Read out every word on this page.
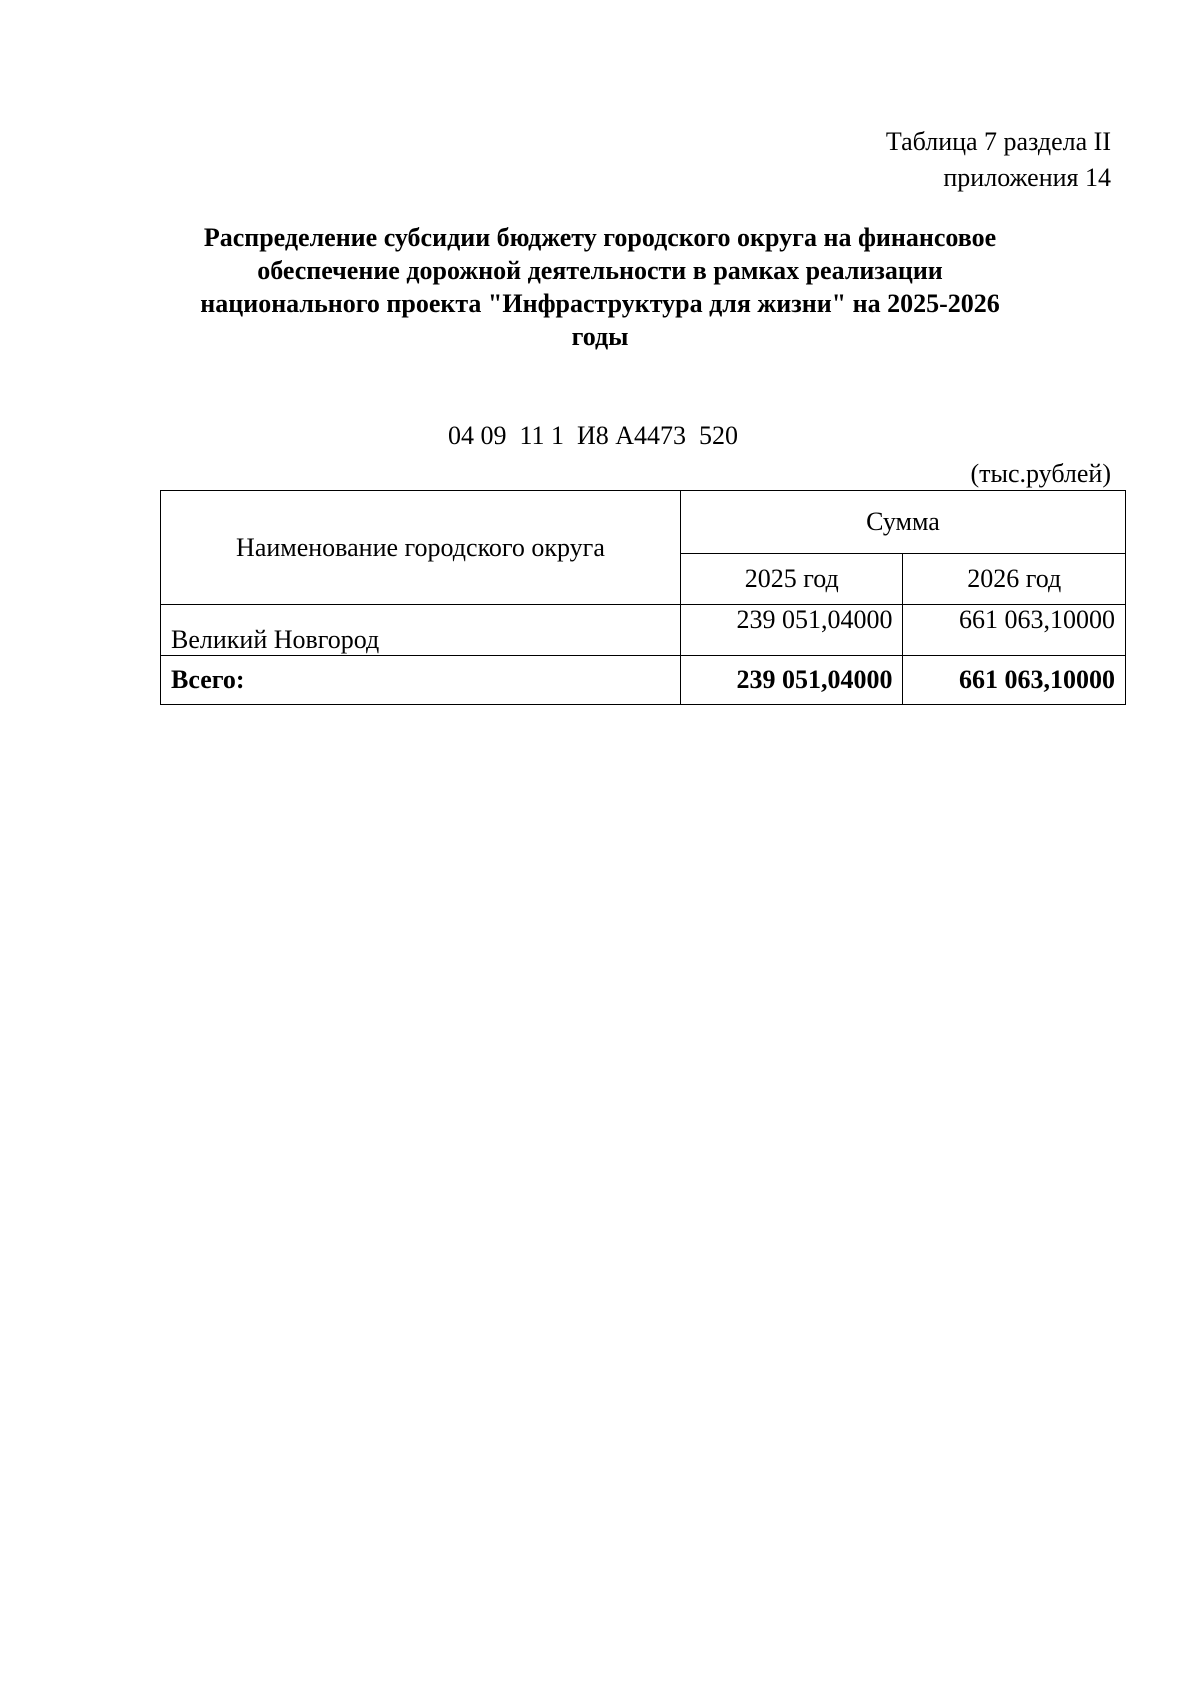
Таблица 7 раздела II
приложения 14
Распределение субсидии бюджету городского округа на финансовое
обеспечение дорожной деятельности в рамках реализации
национального проекта "Инфраструктура для жизни" на 2025-2026
годы
04 09  11 1  И8 А4473  520
(тыс.рублей)
Наименование городского округа	Сумма	
	2025 год	2026 год
Великий Новгород	239 051,04000	661 063,10000
Всего:	239 051,04000	661 063,10000
